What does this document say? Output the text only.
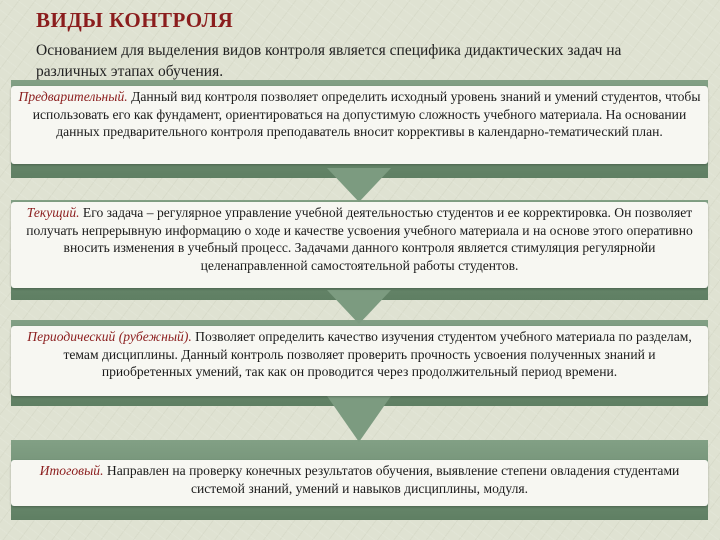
ВИДЫ КОНТРОЛЯ
Основанием для выделения видов контроля является специфика дидактических задач на различных этапах обучения.
Предварительный. Данный вид контроля позволяет определить исходный уровень знаний и умений студентов, чтобы использовать его как фундамент, ориентироваться на допустимую сложность учебного материала. На основании данных предварительного контроля преподаватель вносит коррективы в календарно-тематический план.
Текущий. Его задача – регулярное управление учебной деятельностью студентов и ее корректировка. Он позволяет получать непрерывную информацию о ходе и качестве усвоения учебного материала и на основе этого оперативно вносить изменения в учебный процесс. Задачами данного контроля является стимуляция регулярнойи целенаправленной самостоятельной работы студентов.
Периодический (рубежный). Позволяет определить качество изучения студентом учебного материала по разделам, темам дисциплины. Данный контроль позволяет проверить прочность усвоения полученных знаний и приобретенных умений, так как он проводится через продолжительный период времени.
Итоговый. Направлен на проверку конечных результатов обучения, выявление степени овладения студентами системой знаний, умений и навыков дисциплины, модуля.
